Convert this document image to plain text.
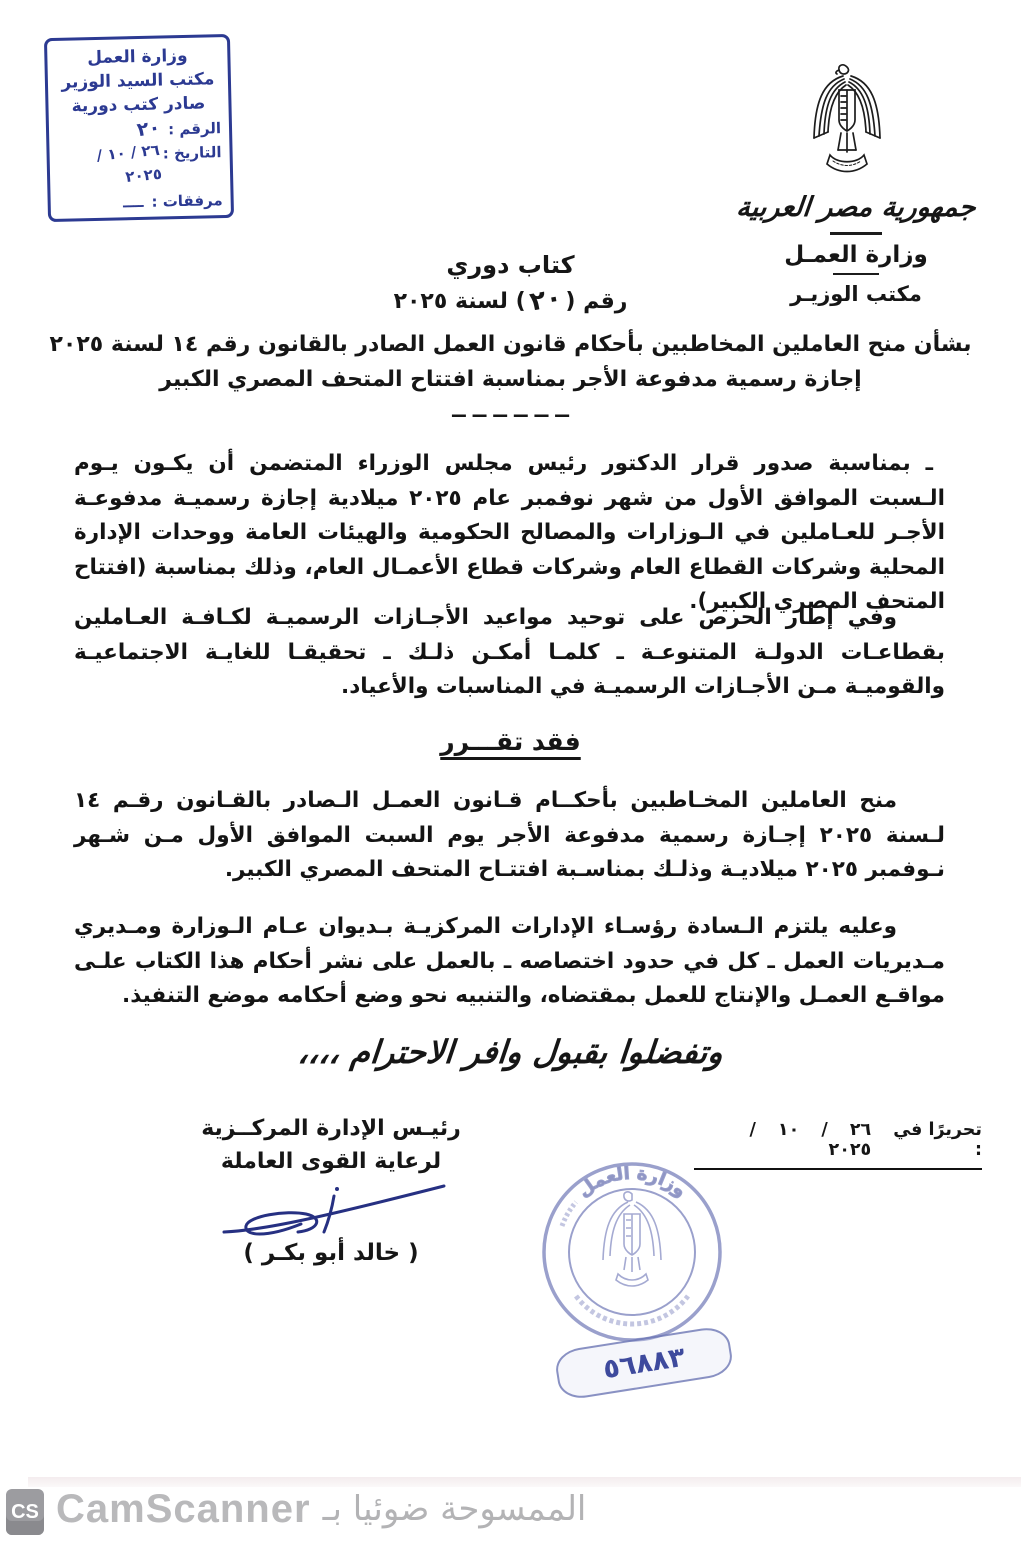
وزارة العمل
مكتب السيد الوزير
صادر كتب دورية
الرقم :
٢٠
التاريخ :
٢٦ / ١٠ / ٢٠٢٥
مرفقات :
ــــ	جمهورية مصر العربية
وزارة العمـل
مكتب الوزيـر
كتاب دوري
رقم (٢٠) لسنة ٢٠٢٥
بشأن منح العاملين المخاطبين بأحكام قانون العمل الصادر بالقانون رقم ١٤ لسنة ٢٠٢٥
إجازة رسمية مدفوعة الأجر بمناسبة افتتاح المتحف المصري الكبير
ــ ــ ــ ــ ــ ــ

ـ بمناسبة صدور قرار الدكتور رئيس مجلس الوزراء المتضمن أن يكـون يـوم الـسبت الموافق الأول من شهر نوفمبر عام ٢٠٢٥ ميلادية إجازة رسميـة مدفوعـة الأجـر للعـاملين في الـوزارات والمصالح الحكومية والهيئات العامة ووحدات الإدارة المحلية وشركات القطاع العام وشركات قطاع الأعمـال العام، وذلك بمناسبة (افتتاح المتحف المصري الكبير).

وفي إطار الحرص على توحيد مواعيد الأجـازات الرسميـة لكـافـة العـاملين بقطاعـات الدولـة المتنوعـة ـ كلمـا أمكـن ذلـك ـ تحقيقـا للغايـة الاجتماعيـة والقوميـة مـن الأجـازات الرسميـة في المناسبات والأعياد.

فقد تقـــرر

منح العاملين المخـاطبين بأحكــام قـانون العمـل الـصادر بالقـانون رقـم ١٤ لـسنة ٢٠٢٥ إجـازة رسمية مدفوعة الأجر يوم السبت الموافق الأول مـن شـهر نـوفمبر ٢٠٢٥ ميلاديـة وذلـك بمناسـبة افتتـاح المتحف المصري الكبير.

وعليه يلتزم الـسادة رؤسـاء الإدارات المركزيـة بـديوان عـام الـوزارة ومـديري مـديريات العمل ـ كل في حدود اختصاصه ـ بالعمل على نشر أحكام هذا الكتاب علـى مواقـع العمـل والإنتاج للعمل بمقتضاه، والتنبيه نحو وضع أحكامه موضع التنفيذ.

وتفضلوا بقبول وافر الاحترام ،،،،
رئيـس الإدارة المركــزية
لرعاية القوى العاملة
( خالد أبو بكـر )
تحريرًا في :
٢٦ / ١٠ / ٢٠٢٥
وزارة العمل
٥٦٨٨٣
CS CamScanner الممسوحة ضوئيا بـ
